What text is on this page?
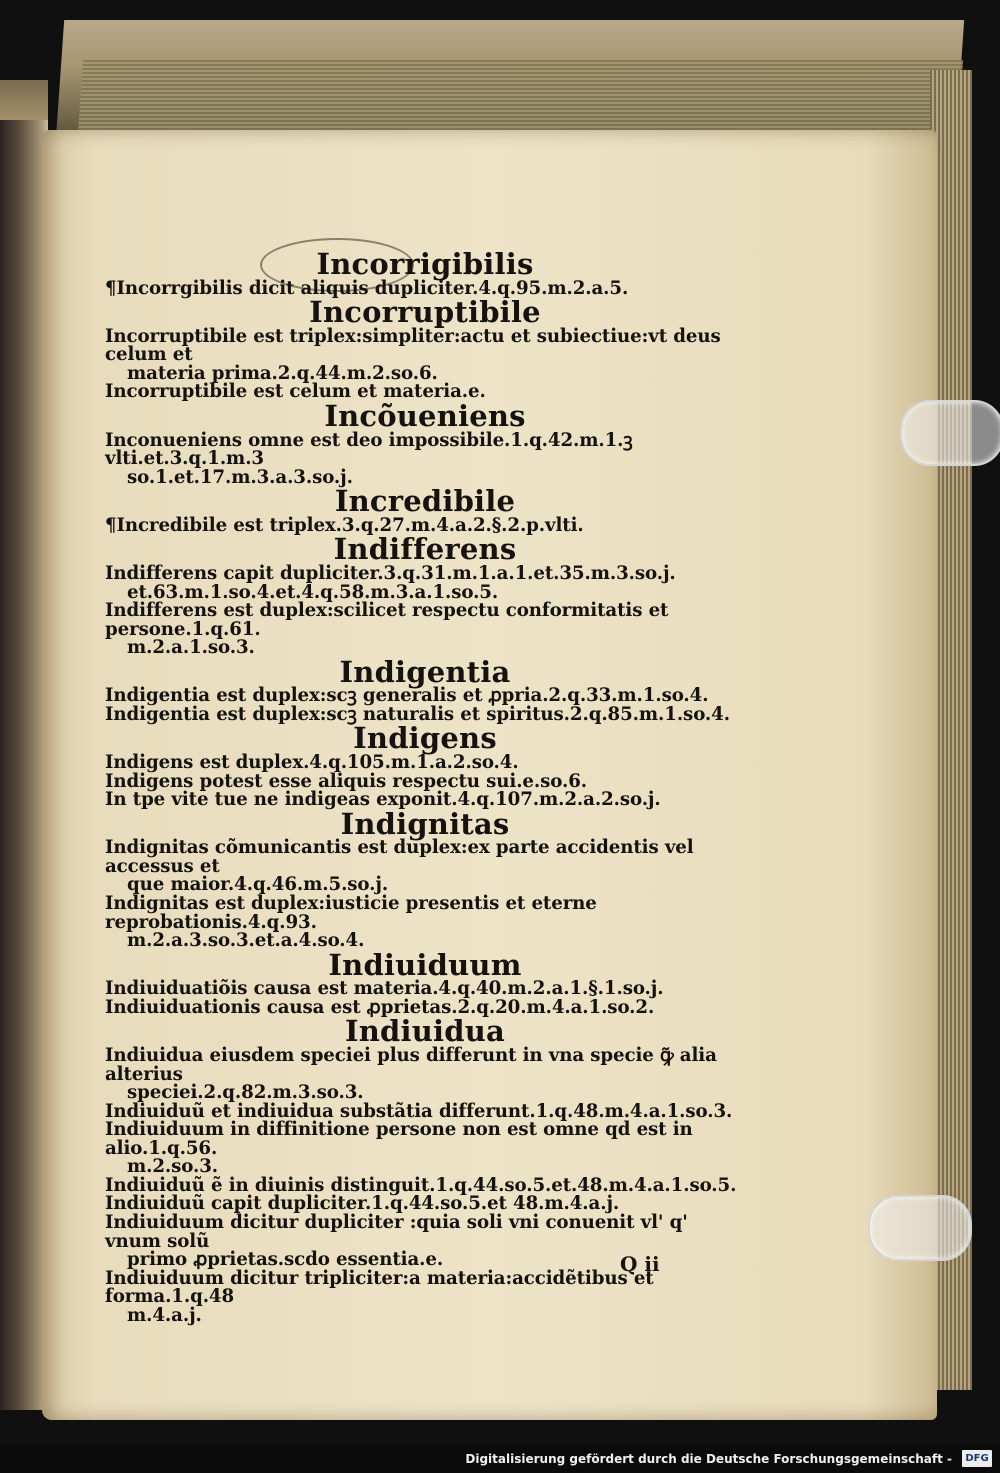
Incorrigibilis

¶Incorrgibilis dicit aliquis dupliciter.4.q.95.m.2.a.5.

Incorruptibile

Incorruptibile est triplex:simpliter:actu et subiectiue:vt deus celum et

materia prima.2.q.44.m.2.so.6.

Incorruptibile est celum et materia.e.

Incõueniens

Inconueniens omne est deo impossibile.1.q.42.m.1.ꝫ vlti.et.3.q.1.m.3

so.1.et.17.m.3.a.3.so.j.

Incredibile

¶Incredibile est triplex.3.q.27.m.4.a.2.§.2.p.vlti.

Indifferens

Indifferens capit dupliciter.3.q.31.m.1.a.1.et.35.m.3.so.j.

et.63.m.1.so.4.et.4.q.58.m.3.a.1.so.5.

Indifferens est duplex:scilicet respectu conformitatis et persone.1.q.61.

m.2.a.1.so.3.

Indigentia

Indigentia est duplex:scꝫ generalis et ꝓpria.2.q.33.m.1.so.4.

Indigentia est duplex:scꝫ naturalis et spiritus.2.q.85.m.1.so.4.

Indigens

Indigens est duplex.4.q.105.m.1.a.2.so.4.

Indigens potest esse aliquis respectu sui.e.so.6.

In tpe vite tue ne indigeas exponit.4.q.107.m.2.a.2.so.j.

Indignitas

Indignitas cõmunicantis est duplex:ex parte accidentis vel accessus et

que maior.4.q.46.m.5.so.j.

Indignitas est duplex:iusticie presentis et eterne reprobationis.4.q.93.

m.2.a.3.so.3.et.a.4.so.4.

Indiuiduum

Indiuiduatiõis causa est materia.4.q.40.m.2.a.1.§.1.so.j.

Indiuiduationis causa est ꝓprietas.2.q.20.m.4.a.1.so.2.

Indiuidua

Indiuidua eiusdem speciei plus differunt in vna specie ꝙ̃ alia alterius

speciei.2.q.82.m.3.so.3.

Indiuiduũ et indiuidua substãtia differunt.1.q.48.m.4.a.1.so.3.

Indiuiduum in diffinitione persone non est omne qd est in alio.1.q.56.

m.2.so.3.

Indiuiduũ ẽ in diuinis distinguit.1.q.44.so.5.et.48.m.4.a.1.so.5.

Indiuiduũ capit dupliciter.1.q.44.so.5.et 48.m.4.a.j.

Indiuiduum dicitur dupliciter :quia soli vni conuenit vl' q' vnum solũ

primo ꝓprietas.scdo essentia.e.

Indiuiduum dicitur tripliciter:a materia:accidẽtibus et forma.1.q.48

m.4.a.j.

Q ii
Digitalisierung gefördert durch die Deutsche Forschungsgemeinschaft -	DFG
